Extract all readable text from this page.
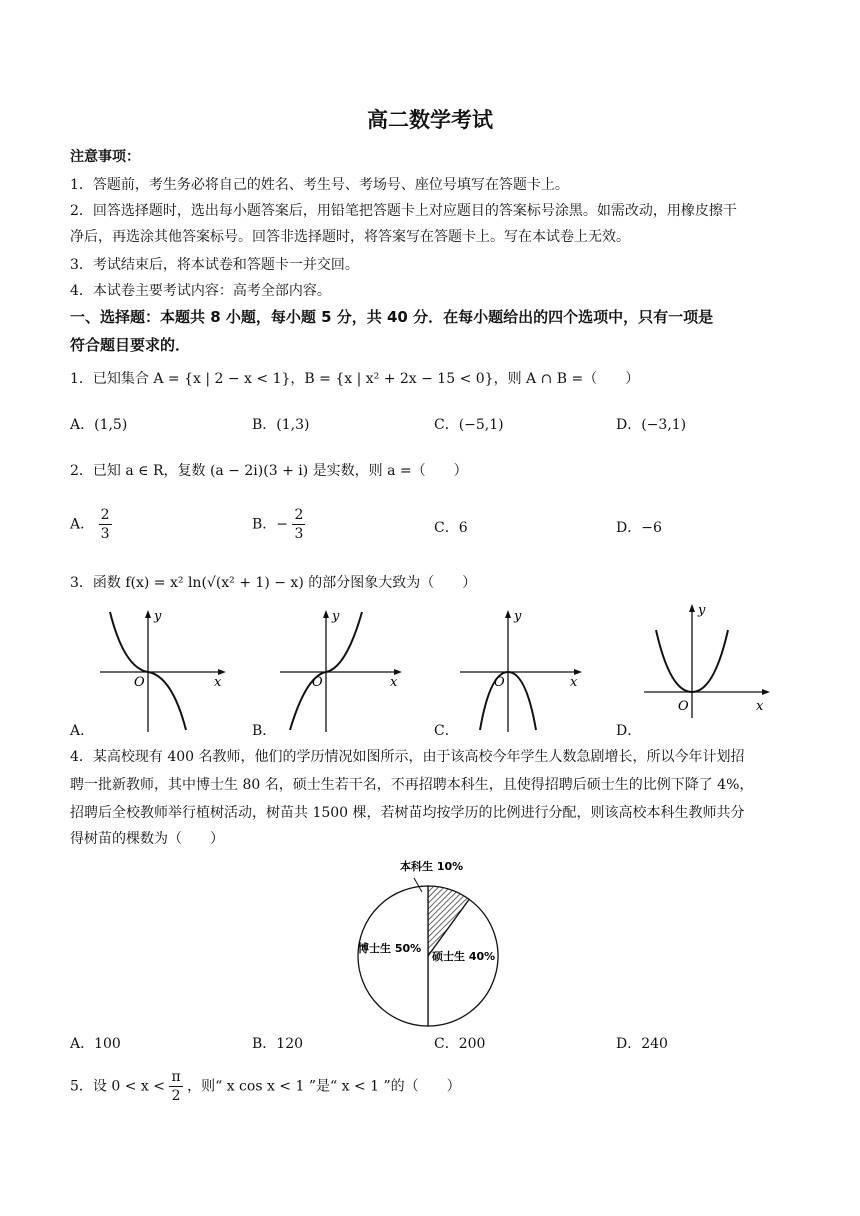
高二数学考试
注意事项：
1．答题前，考生务必将自己的姓名、考生号、考场号、座位号填写在答题卡上。
2．回答选择题时，选出每小题答案后，用铅笔把答题卡上对应题目的答案标号涂黑。如需改动，用橡皮擦干
净后，再选涂其他答案标号。回答非选择题时，将答案写在答题卡上。写在本试卷上无效。
3．考试结束后，将本试卷和答题卡一并交回。
4．本试卷主要考试内容：高考全部内容。
一、选择题：本题共 8 小题，每小题 5 分，共 40 分．在每小题给出的四个选项中，只有一项是
符合题目要求的．
1．已知集合 A = {x | 2 − x < 1}，B = {x | x² + 2x − 15 < 0}，则 A ∩ B =（　　）
A．(1,5)	B．(1,3)	C．(−5,1)	D．(−3,1)
2．已知 a ∈ R，复数 (a − 2i)(3 + i) 是实数，则 a =（　　）
A． $\frac{2}{3}$	B．− $\frac{2}{3}$	C．6	D．−6
3．函数 f(x) = x² ln(√(x² + 1) − x) 的部分图象大致为（　　）
y
x
O
A．
y
x
O
B．
y
x
O
C．
y
x
O
D．
4．某高校现有 400 名教师，他们的学历情况如图所示，由于该高校今年学生人数急剧增长，所以今年计划招
聘一批新教师，其中博士生 80 名，硕士生若干名，不再招聘本科生，且使得招聘后硕士生的比例下降了 4%，
招聘后全校教师举行植树活动，树苗共 1500 棵，若树苗均按学历的比例进行分配，则该高校本科生教师共分
得树苗的棵数为（　　）
本科生 10%
硕士生 40%
博士生 50%
A．100	B．120	C．200	D．240
5．设 $0 < x < \frac{\pi}{2}$ ，则“ x cos x < 1 ”是“ x < 1 ”的（　　）
